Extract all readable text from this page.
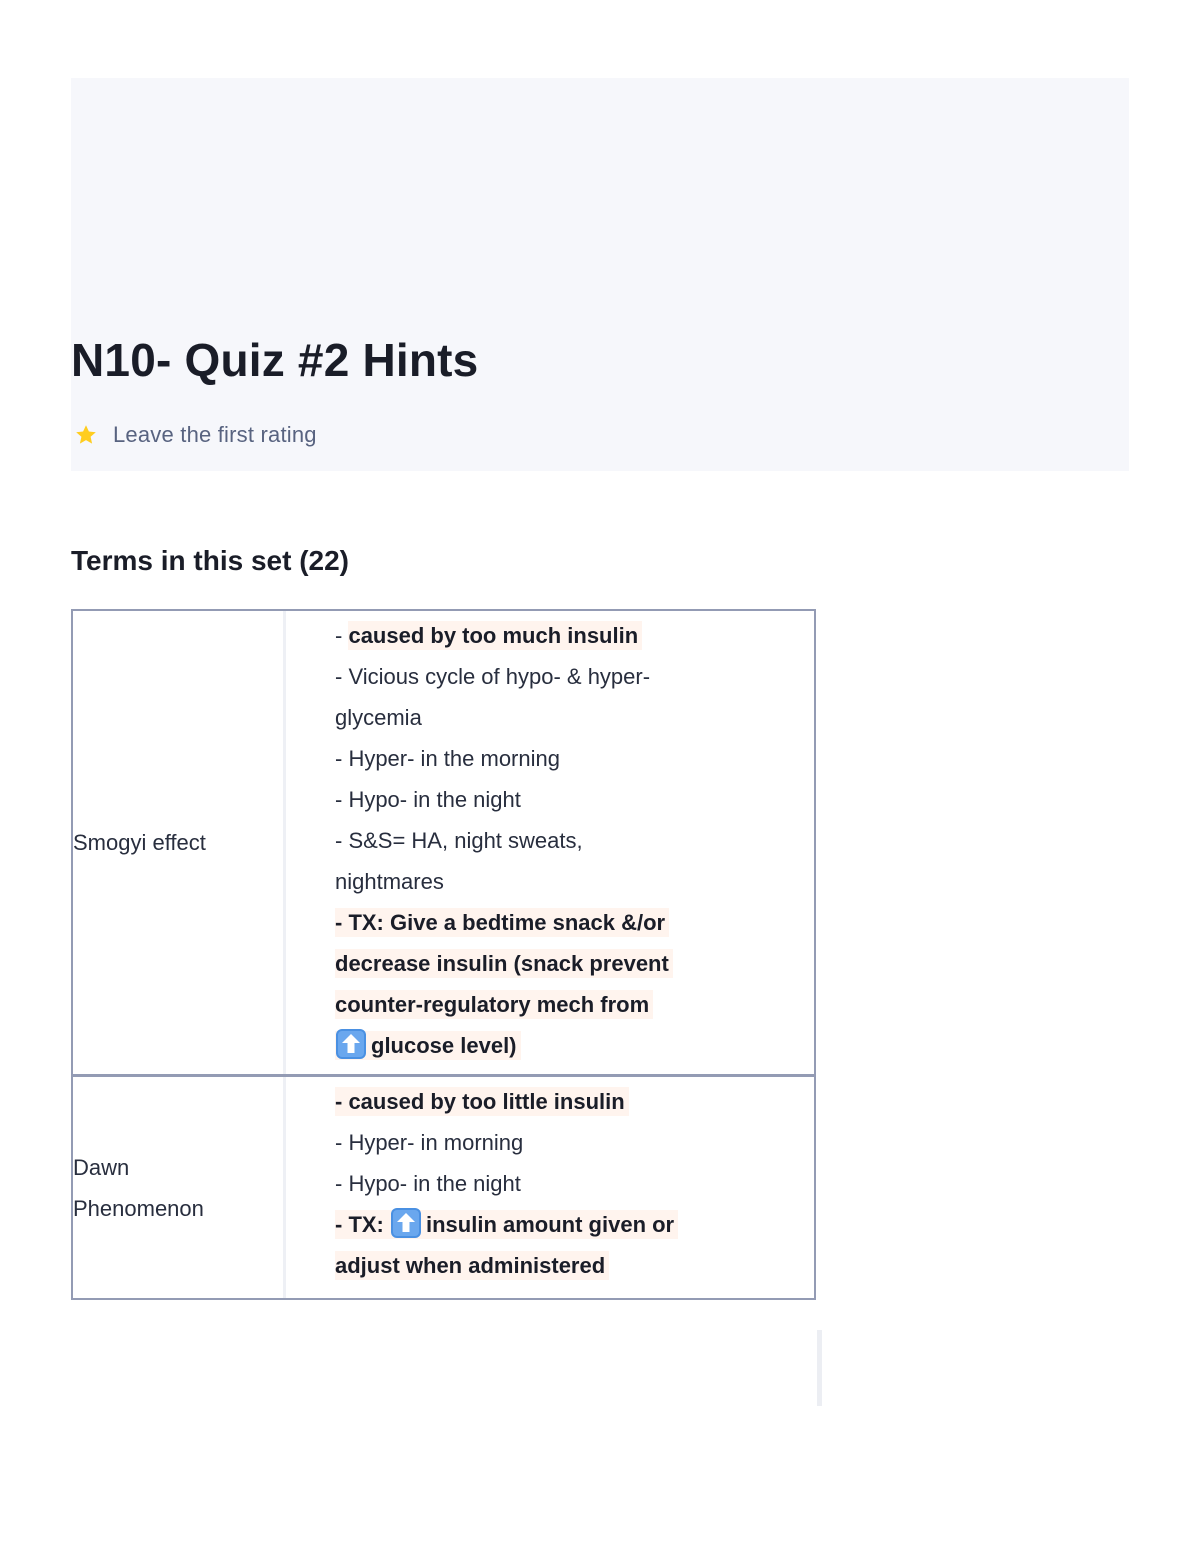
N10- Quiz #2 Hints
Leave the first rating
Terms in this set (22)
Smogyi effect
- caused by too much insulin
- Vicious cycle of hypo- & hyper-
glycemia
- Hyper- in the morning
- Hypo- in the night
- S&S= HA, night sweats,
nightmares
- TX: Give a bedtime snack &/or
decrease insulin (snack prevent
counter-regulatory mech from
glucose level)
Dawn
Phenomenon
- caused by too little insulin
- Hyper- in morning
- Hypo- in the night
- TX: insulin amount given or
adjust when administered
